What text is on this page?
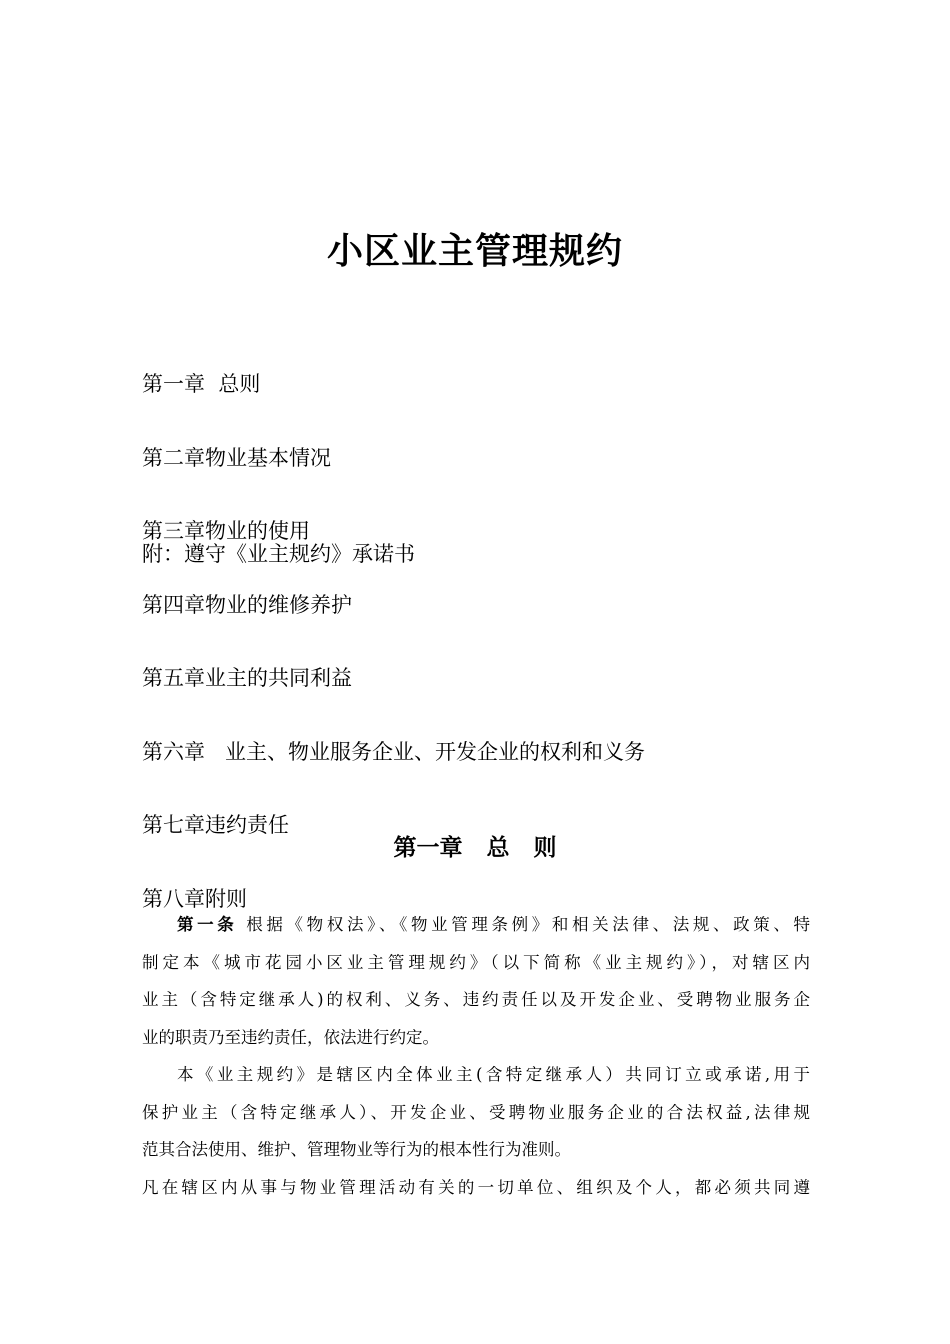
小区业主管理规约

第一章  总则

第二章物业基本情况

第三章物业的使用

第四章物业的维修养护

第五章业主的共同利益

第六章   业主、物业服务企业、开发企业的权利和义务

第七章违约责任

第八章附则

附：遵守《业主规约》承诺书
第一章   总   则
第一条 根据《物权法》、《物业管理条例》和相关法律、法规、政策、特
制定本《城市花园小区业主管理规约》（以下简称《业主规约》），对辖区内
业主（含特定继承人)的权利、义务、违约责任以及开发企业、受聘物业服务企
业的职责乃至违约责任，依法进行约定。
本《业主规约》是辖区内全体业主(含特定继承人）共同订立或承诺,用于
保护业主（含特定继承人）、开发企业、受聘物业服务企业的合法权益,法律规
范其合法使用、维护、管理物业等行为的根本性行为准则。
凡在辖区内从事与物业管理活动有关的一切单位、组织及个人，都必须共同遵
